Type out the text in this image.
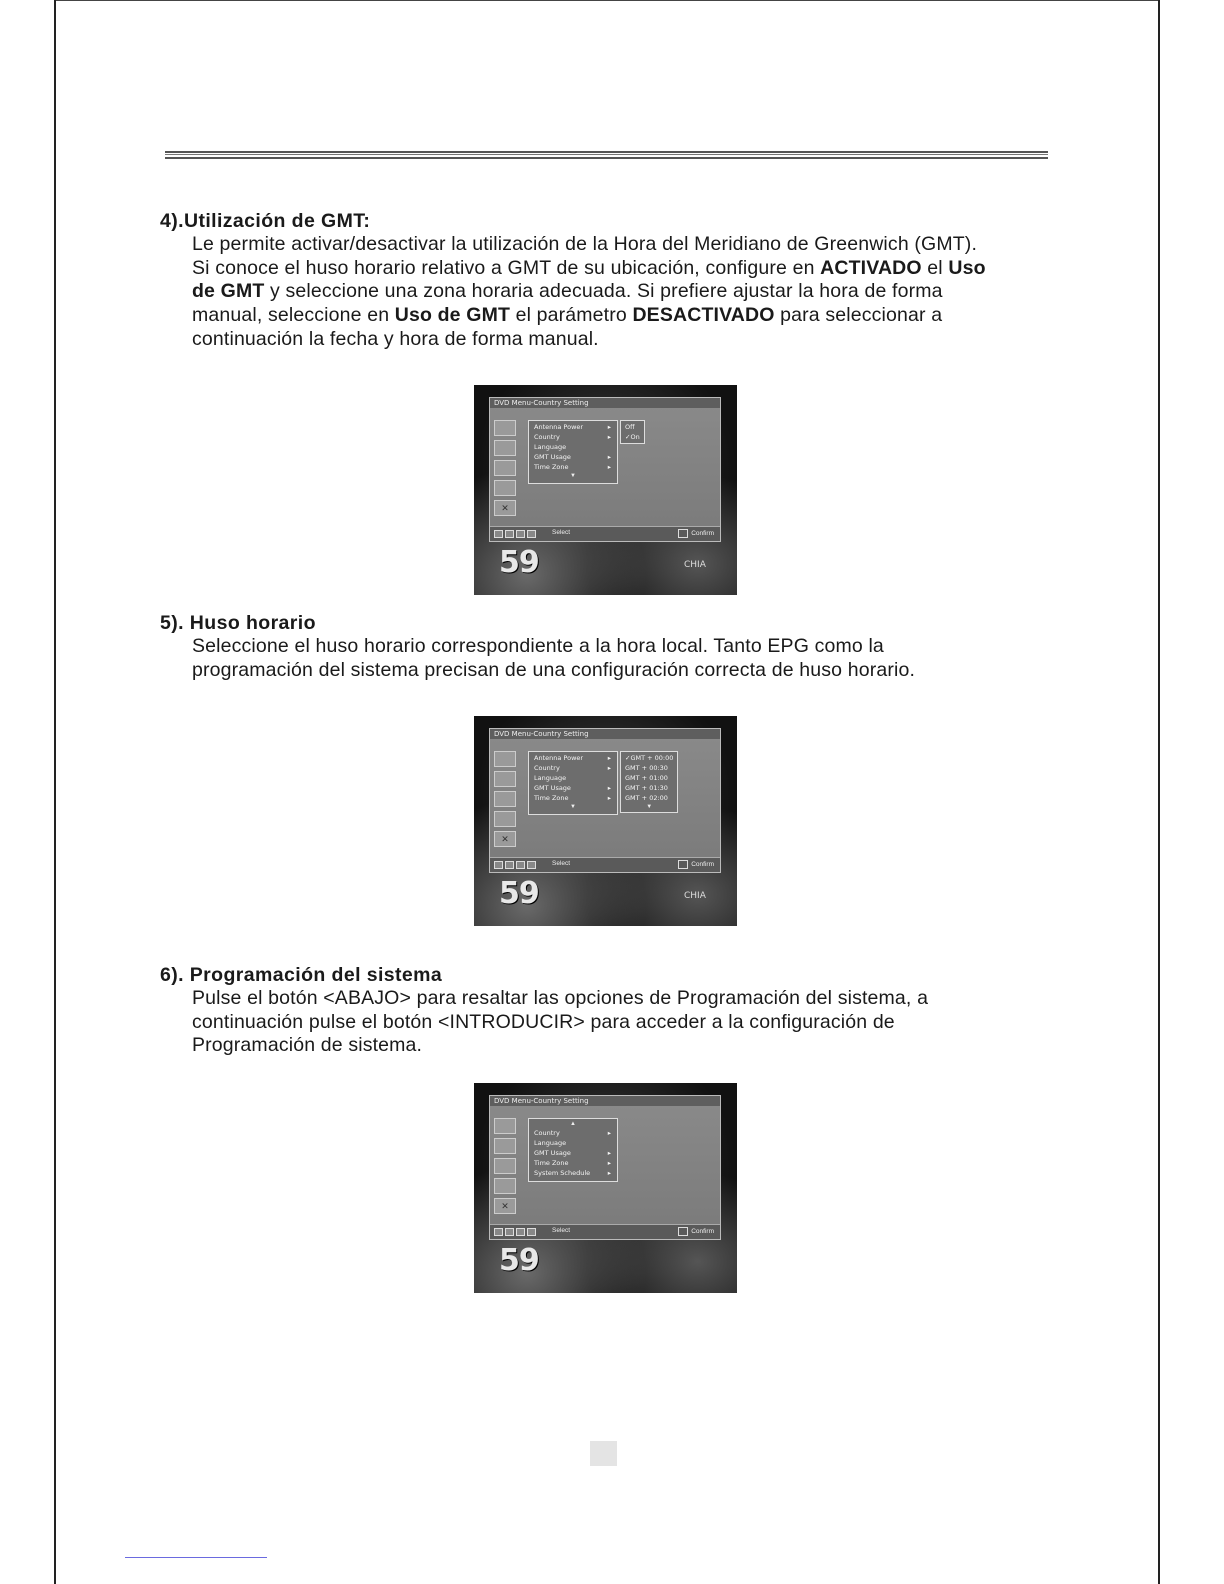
4).Utilización de GMT:

Le permite activar/desactivar la utilización de la Hora del Meridiano de Greenwich (GMT). Si conoce el huso horario relativo a GMT de su ubicación, configure en ACTIVADO el Uso de GMT y seleccione una zona horaria adecuada. Si prefiere ajustar la hora de forma manual, seleccione en Uso de GMT el parámetro DESACTIVADO para seleccionar a continuación la fecha y hora de forma manual.

DVD Menu-Country Setting
✕
Antenna Power	▸
Country	▸
Language
GMT Usage	▸
Time Zone	▸
▼
Off
✓On
Select	Confirm
59	CHIA

5). Huso horario

Seleccione el huso horario correspondiente a la hora local. Tanto EPG como la programación del sistema precisan de una configuración correcta de huso horario.

DVD Menu-Country Setting
✕
Antenna Power	▸
Country	▸
Language
GMT Usage	▸
Time Zone	▸
▼
✓GMT + 00:00
GMT + 00:30
GMT + 01:00
GMT + 01:30
GMT + 02:00
▼
Select	Confirm
59	CHIA

6). Programación del sistema

Pulse el botón <ABAJO> para resaltar las opciones de Programación del sistema, a continuación pulse el botón <INTRODUCIR> para acceder a la configuración de Programación de sistema.

DVD Menu-Country Setting
✕
▲
Country	▸
Language
GMT Usage	▸
Time Zone	▸
System Schedule	▸
Select	Confirm
59
